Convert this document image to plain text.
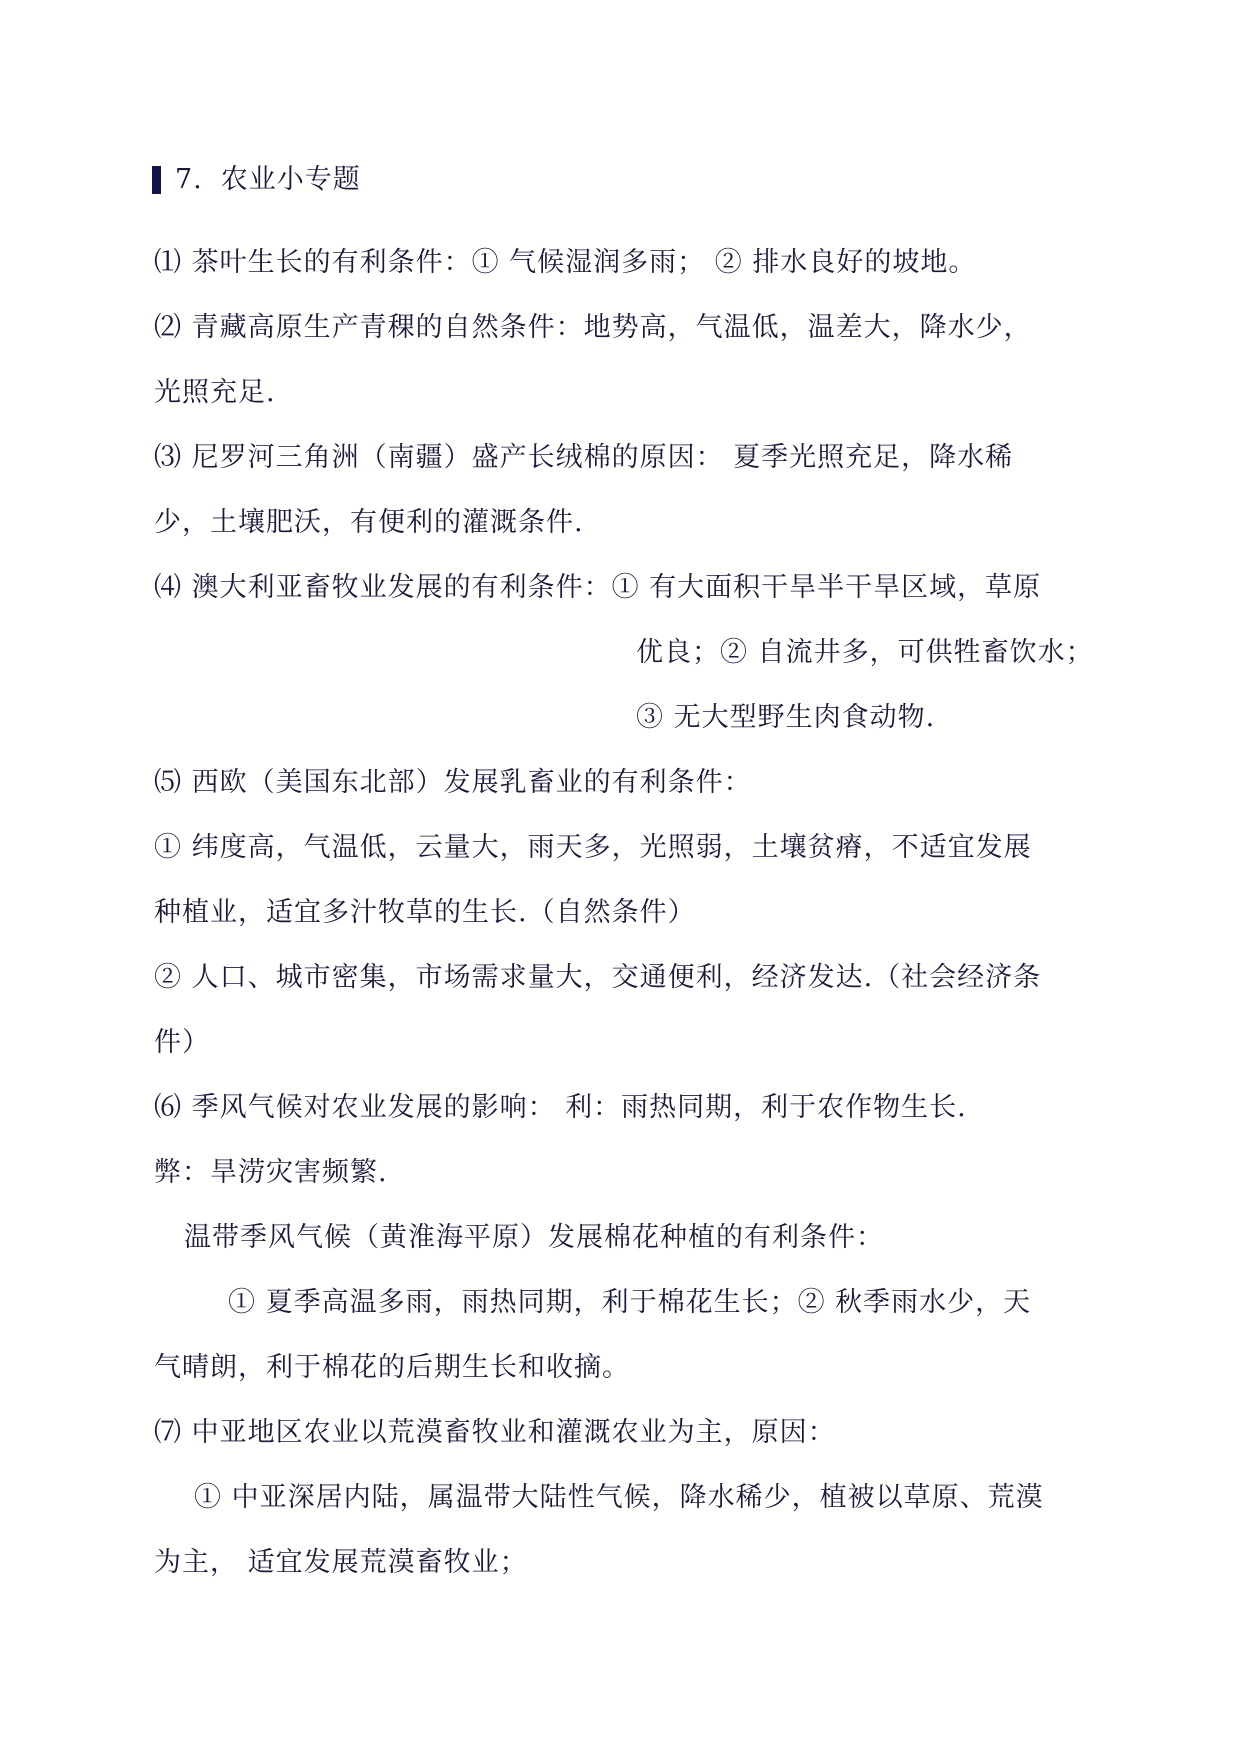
7. 农业小专题
⑴ 茶叶生长的有利条件：① 气候湿润多雨； ② 排水良好的坡地。
⑵ 青藏高原生产青稞的自然条件：地势高，气温低，温差大，降水少，
光照充足.
⑶ 尼罗河三角洲（南疆）盛产长绒棉的原因： 夏季光照充足，降水稀
少，土壤肥沃，有便利的灌溉条件.
⑷ 澳大利亚畜牧业发展的有利条件：① 有大面积干旱半干旱区域，草原
优良；② 自流井多，可供牲畜饮水；
③ 无大型野生肉食动物.
⑸ 西欧（美国东北部）发展乳畜业的有利条件：
① 纬度高，气温低，云量大，雨天多，光照弱，土壤贫瘠，不适宜发展
种植业，适宜多汁牧草的生长.（自然条件）
② 人口、城市密集，市场需求量大，交通便利，经济发达.（社会经济条
件）
⑹ 季风气候对农业发展的影响： 利：雨热同期，利于农作物生长.
弊：旱涝灾害频繁.
温带季风气候（黄淮海平原）发展棉花种植的有利条件：
① 夏季高温多雨，雨热同期，利于棉花生长；② 秋季雨水少，天
气晴朗，利于棉花的后期生长和收摘。
⑺ 中亚地区农业以荒漠畜牧业和灌溉农业为主，原因：
① 中亚深居内陆，属温带大陆性气候，降水稀少，植被以草原、荒漠
为主， 适宜发展荒漠畜牧业；
